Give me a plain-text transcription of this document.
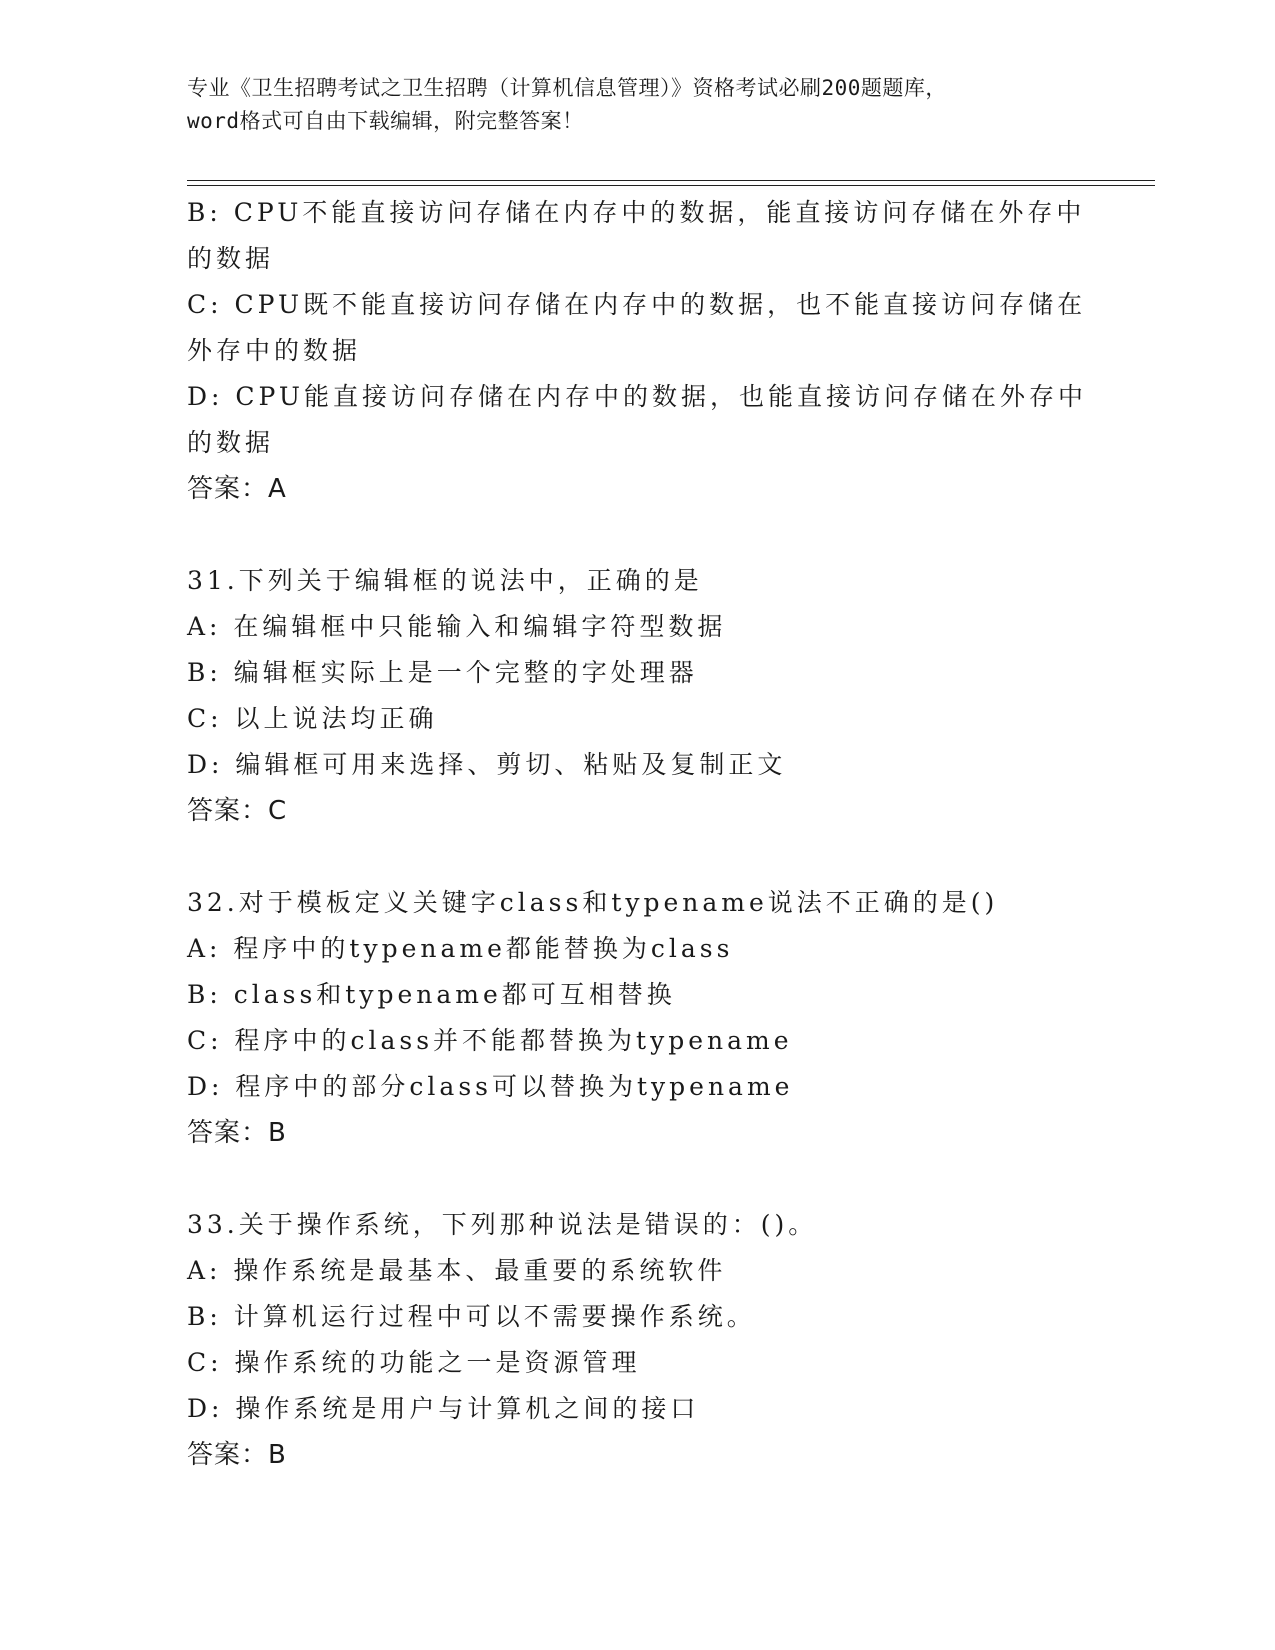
专业《卫生招聘考试之卫生招聘（计算机信息管理）》资格考试必刷200题题库，
word格式可自由下载编辑，附完整答案！
B: CPU不能直接访问存储在内存中的数据，能直接访问存储在外存中
的数据
C: CPU既不能直接访问存储在内存中的数据，也不能直接访问存储在
外存中的数据
D: CPU能直接访问存储在内存中的数据，也能直接访问存储在外存中
的数据
答案：A
31.下列关于编辑框的说法中，正确的是
A: 在编辑框中只能输入和编辑字符型数据
B: 编辑框实际上是一个完整的字处理器
C: 以上说法均正确
D: 编辑框可用来选择、剪切、粘贴及复制正文
答案：C
32.对于模板定义关键字class和typename说法不正确的是()
A: 程序中的typename都能替换为class
B: class和typename都可互相替换
C: 程序中的class并不能都替换为typename
D: 程序中的部分class可以替换为typename
答案：B
33.关于操作系统，下列那种说法是错误的：()。
A: 操作系统是最基本、最重要的系统软件
B: 计算机运行过程中可以不需要操作系统。
C: 操作系统的功能之一是资源管理
D: 操作系统是用户与计算机之间的接口
答案：B
